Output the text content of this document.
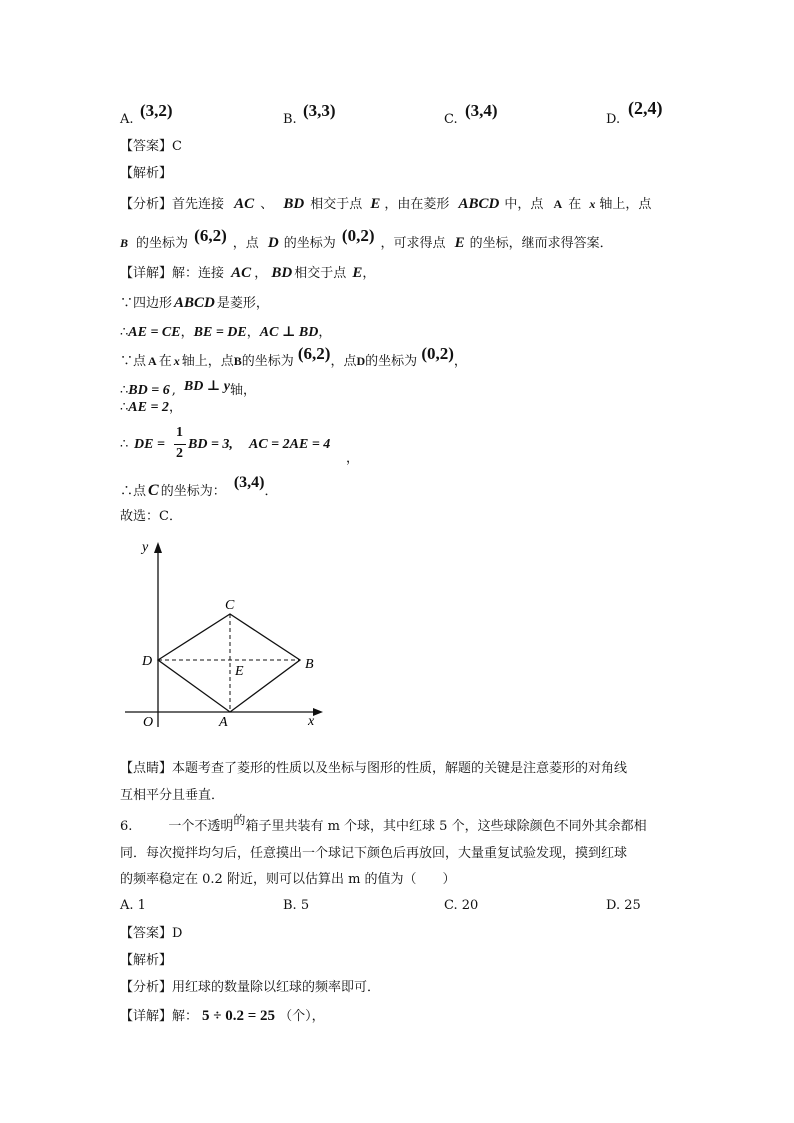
A. (3,2)	B. (3,3)	C. (3,4)	D.
(2,4)
【答案】C
【解析】
【分析】首先连接 AC 、 BD 相交于点 E ，由在菱形 ABCD 中，点 A 在 x 轴上，点
B 的坐标为 (6,2) ，点 D 的坐标为 (0,2) ，可求得点 E 的坐标，继而求得答案．
【详解】解：连接 AC ， BD 相交于点 E，
∵四边形 ABCD 是菱形，
∴AE = CE，BE = DE，AC ⊥ BD，
∵点 A 在 x 轴上，点B的坐标为 (6,2)，点D的坐标为 (0,2)，
∴BD = 6 , BD ⊥ y轴，
∴AE = 2，
∴ DE =
1
2
BD = 3, AC = 2AE = 4
，
∴点 C 的坐标为： (3,4)．
故选：C．
y
x
O	A
B
C
D
E
【点睛】本题考查了菱形的性质以及坐标与图形的性质，解题的关键是注意菱形的对角线
互相平分且垂直．
6.	一个不透明的箱子里共装有 m 个球，其中红球 5 个，这些球除颜色不同外其余都相
同．每次搅拌均匀后，任意摸出一个球记下颜色后再放回，大量重复试验发现，摸到红球
的频率稳定在 0.2 附近，则可以估算出 m 的值为（　　）
A. 1	B. 5	C. 20	D. 25
【答案】D
【解析】
【分析】用红球的数量除以红球的频率即可．
【详解】解： 5 ÷ 0.2 = 25 （个），
